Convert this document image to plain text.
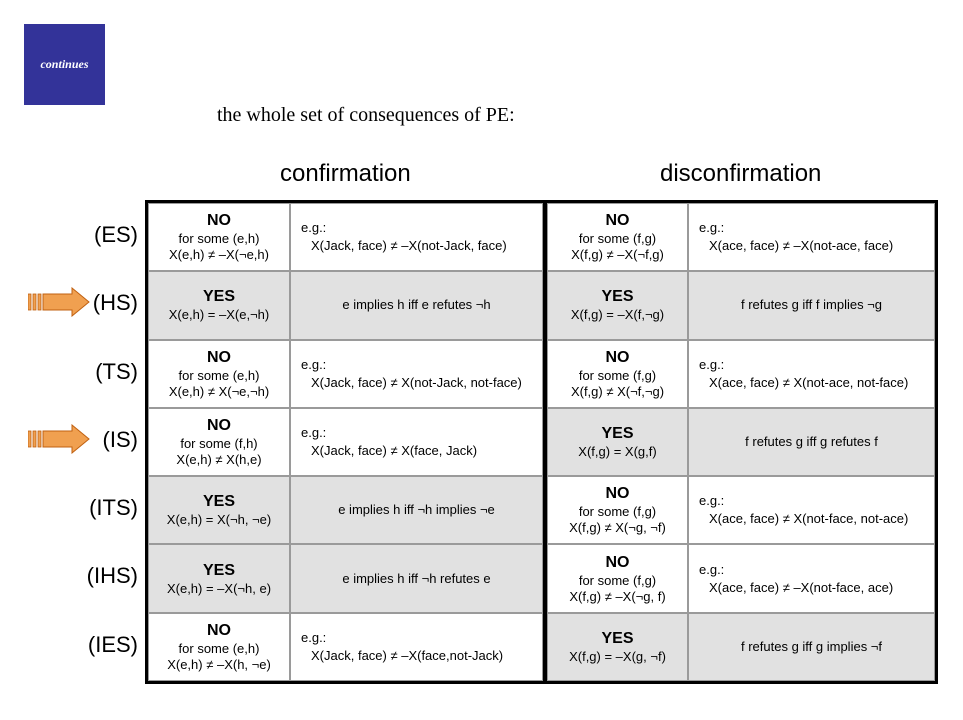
continues
the whole set of consequences of PE:
confirmation	disconfirmation
(ES)
(HS)
(TS)
(IS)
(ITS)
(IHS)
(IES)
NO
for some (e,h)
X(e,h) ≠ –X(¬e,h)
e.g.:
X(Jack, face) ≠ –X(not-Jack, face)
NO
for some (f,g)
X(f,g) ≠ –X(¬f,g)
e.g.:
X(ace, face) ≠ –X(not-ace, face)
YES
X(e,h) = –X(e,¬h)
e implies h iff e refutes ¬h	YES
X(f,g) = –X(f,¬g)
f refutes g iff f implies ¬g
NO
for some (e,h)
X(e,h) ≠ X(¬e,¬h)
e.g.:
X(Jack, face) ≠ X(not-Jack, not-face)
NO
for some (f,g)
X(f,g) ≠ X(¬f,¬g)
e.g.:
X(ace, face) ≠ X(not-ace, not-face)
NO
for some (f,h)
X(e,h) ≠ X(h,e)
e.g.:
X(Jack, face) ≠ X(face, Jack)
YES
X(f,g) = X(g,f)
f refutes g iff g refutes f
YES
X(e,h) = X(¬h, ¬e)
e implies h iff ¬h implies ¬e
NO
for some (f,g)
X(f,g) ≠ X(¬g, ¬f)
e.g.:
X(ace, face) ≠ X(not-face, not-ace)
YES
X(e,h) = –X(¬h, e)
e implies h iff ¬h refutes e
NO
for some (f,g)
X(f,g) ≠ –X(¬g, f)
e.g.:
X(ace, face) ≠ –X(not-face, ace)
NO
for some (e,h)
X(e,h) ≠ –X(h, ¬e)
e.g.:
X(Jack, face) ≠ –X(face,not-Jack)
YES
X(f,g) = –X(g, ¬f)
f refutes g iff g implies ¬f
